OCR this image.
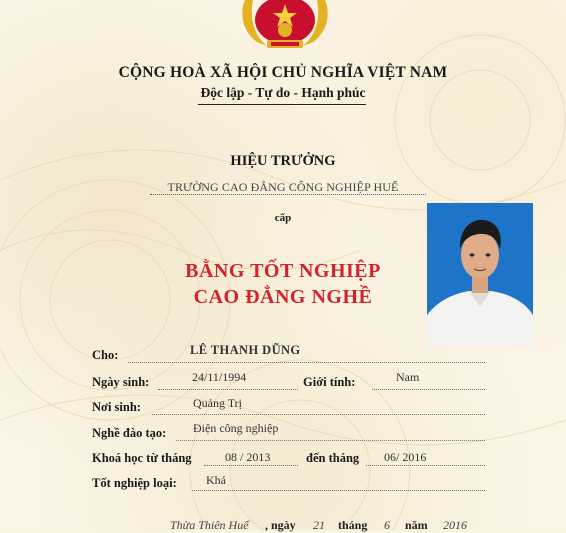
CỘNG HOÀ XÃ HỘI CHỦ NGHĨA VIỆT NAM
Độc lập - Tự do - Hạnh phúc
HIỆU TRƯỞNG
TRƯỜNG CAO ĐẲNG CÔNG NGHIỆP HUẾ
cấp
BẰNG TỐT NGHIỆP
CAO ĐẲNG NGHỀ
Cho:	LÊ THANH DŨNG
Ngày sinh:	24/11/1994	Giới tính:	Nam
Nơi sinh:	Quảng Trị
Nghề đào tạo: Điện công nghiệp
Khoá học từ tháng	08 / 2013	đến tháng 06/ 2016
Tốt nghiệp loại: Khá
Thừa Thiên Huế , ngày 21 tháng 6 năm 2016
